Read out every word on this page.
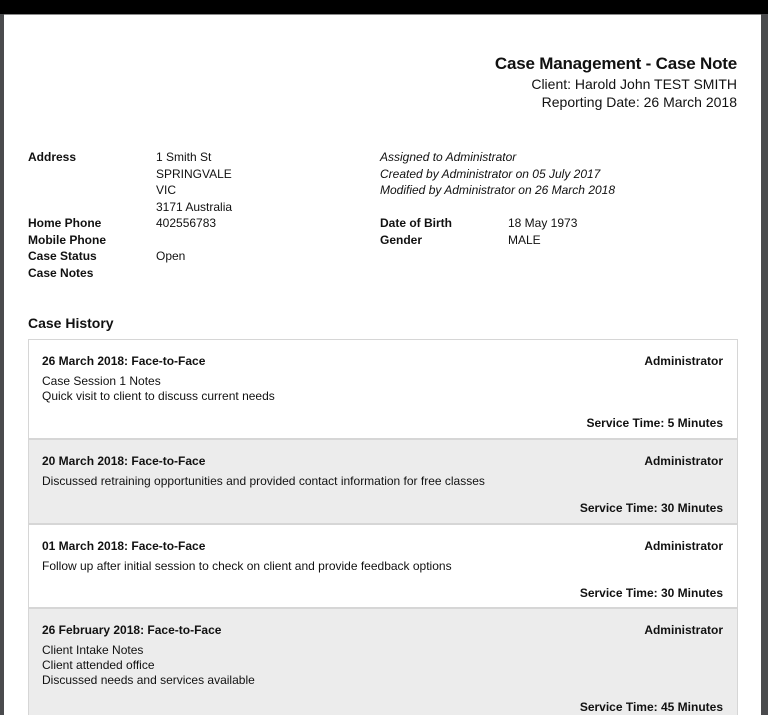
Case Management - Case Note
Client: Harold John TEST SMITH
Reporting Date: 26 March 2018
Address	1 Smith St
SPRINGVALE
VIC
3171 Australia
Home Phone	402556783
Mobile Phone
Case Status	Open
Case Notes
Assigned to Administrator
Created by Administrator on 05 July 2017
Modified by Administrator on 26 March 2018
Date of Birth	18 May 1973
Gender	MALE
Case History
26 March 2018: Face-to-Face	Administrator
Case Session 1 Notes
Quick visit to client to discuss current needs
Service Time: 5 Minutes
20 March 2018: Face-to-Face	Administrator
Discussed retraining opportunities and provided contact information for free classes
Service Time: 30 Minutes
01 March 2018: Face-to-Face	Administrator
Follow up after initial session to check on client and provide feedback options
Service Time: 30 Minutes
26 February 2018: Face-to-Face	Administrator
Client Intake Notes
Client attended office
Discussed needs and services available
Service Time: 45 Minutes
